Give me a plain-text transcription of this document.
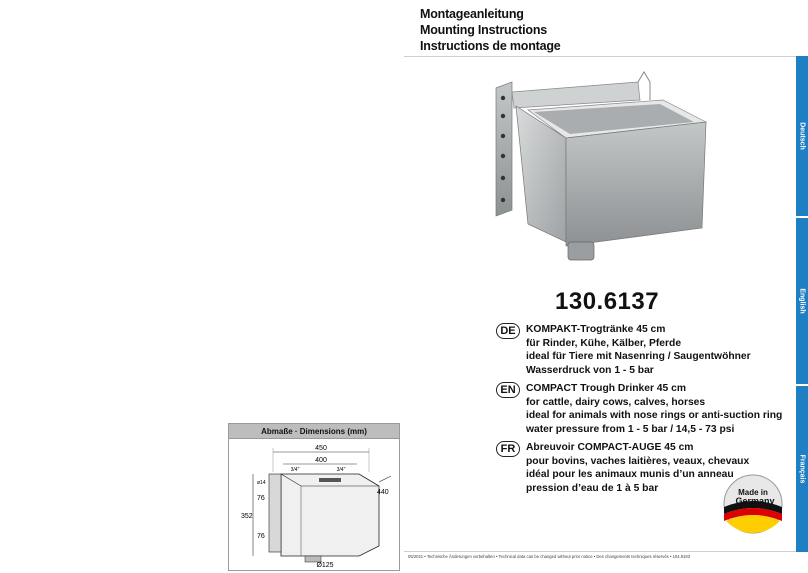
Montageanleitung
Mounting Instructions
Instructions de montage
Deutsch
English
Français
130.6137
DE	KOMPAKT-Trogtränke 45 cm
für Rinder, Kühe, Kälber, Pferde
ideal für Tiere mit Nasenring / Saugentwöhner
Wasserdruck von 1 - 5 bar
EN	COMPACT Trough Drinker 45 cm
for cattle, dairy cows, calves, horses
ideal for animals with nose rings or anti-suction ring
water pressure from 1 - 5 bar / 14,5 - 73 psi
FR	Abreuvoir COMPACT-AUGE 45 cm
pour bovins, vaches laitières, veaux, chevaux
idéal pour les animaux munis d’un anneau
pression d’eau de 1 à 5 bar
Abmaße · Dimensions (mm)
450
400
3/4"	3/4"
440
352
ø14
76
76
Ø125
Made in
Germany
05/2021 • Technische Änderungen vorbehalten • Technical data can be changed without prior notice • Des changements techniques réservés • 104.8183
